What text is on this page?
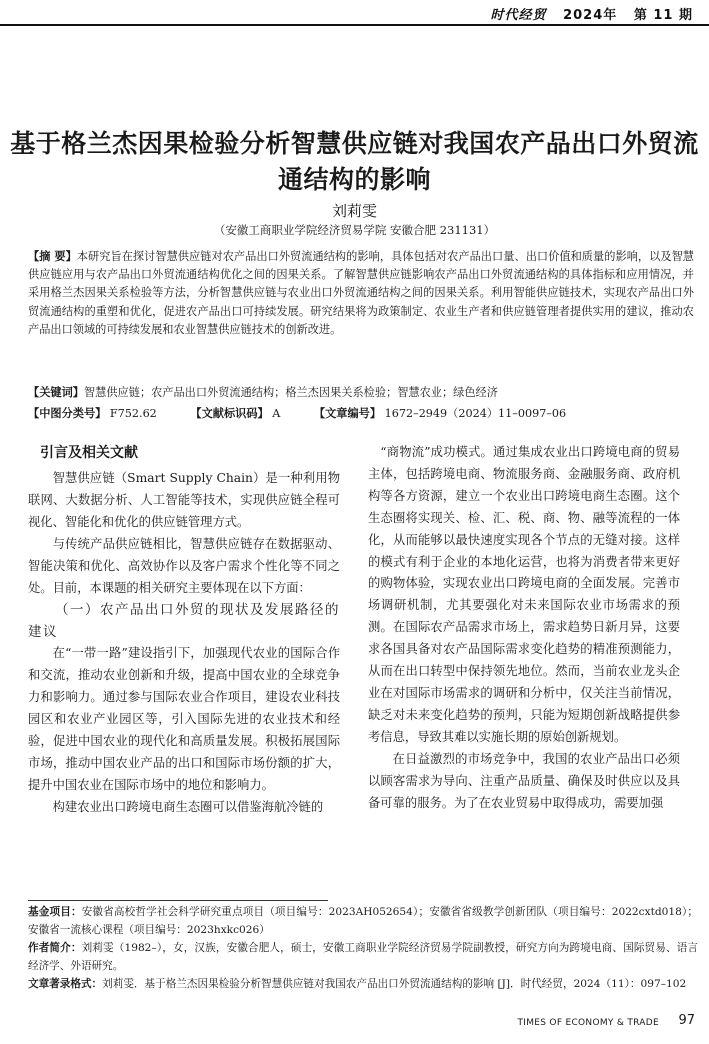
时代经贸 2024年 第 11 期
基于格兰杰因果检验分析智慧供应链对我国农产品出口外贸流通结构的影响
刘莉雯
（安徽工商职业学院经济贸易学院 安徽合肥 231131）
【摘 要】本研究旨在探讨智慧供应链对农产品出口外贸流通结构的影响，具体包括对农产品出口量、出口价值和质量的影响，以及智慧供应链应用与农产品出口外贸流通结构优化之间的因果关系。了解智慧供应链影响农产品出口外贸流通结构的具体指标和应用情况，并采用格兰杰因果关系检验等方法，分析智慧供应链与农业出口外贸流通结构之间的因果关系。利用智能供应链技术，实现农产品出口外贸流通结构的重塑和优化，促进农产品出口可持续发展。研究结果将为政策制定、农业生产者和供应链管理者提供实用的建议，推动农产品出口领域的可持续发展和农业智慧供应链技术的创新改进。
【关键词】智慧供应链；农产品出口外贸流通结构；格兰杰因果关系检验；智慧农业；绿色经济
【中图分类号】 F752.62	【文献标识码】 A	【文章编号】 1672–2949（2024）11–0097–06

引言及相关文献

智慧供应链（Smart Supply Chain）是一种利用物联网、大数据分析、人工智能等技术，实现供应链全程可视化、智能化和优化的供应链管理方式。

与传统产品供应链相比，智慧供应链存在数据驱动、智能决策和优化、高效协作以及客户需求个性化等不同之处。目前，本课题的相关研究主要体现在以下方面：

（一）农产品出口外贸的现状及发展路径的建议

在“一带一路”建设指引下，加强现代农业的国际合作和交流，推动农业创新和升级，提高中国农业的全球竞争力和影响力。通过参与国际农业合作项目，建设农业科技园区和农业产业园区等，引入国际先进的农业技术和经验，促进中国农业的现代化和高质量发展。积极拓展国际市场，推动中国农业产品的出口和国际市场份额的扩大，提升中国农业在国际市场中的地位和影响力。

构建农业出口跨境电商生态圈可以借鉴海航冷链的

“商物流”成功模式。通过集成农业出口跨境电商的贸易主体，包括跨境电商、物流服务商、金融服务商、政府机构等各方资源，建立一个农业出口跨境电商生态圈。这个生态圈将实现关、检、汇、税、商、物、融等流程的一体化，从而能够以最快速度实现各个节点的无缝对接。这样的模式有利于企业的本地化运营，也将为消费者带来更好的购物体验，实现农业出口跨境电商的全面发展。完善市场调研机制，尤其要强化对未来国际农业市场需求的预测。在国际农产品需求市场上，需求趋势日新月异，这要求各国具备对农产品国际需求变化趋势的精准预测能力，从而在出口转型中保持领先地位。然而，当前农业龙头企业在对国际市场需求的调研和分析中，仅关注当前情况，缺乏对未来变化趋势的预判，只能为短期创新战略提供参考信息，导致其难以实施长期的原始创新规划。

在日益激烈的市场竞争中，我国的农业产品出口必须以顾客需求为导向、注重产品质量、确保及时供应以及具备可靠的服务。为了在农业贸易中取得成功，需要加强

基金项目：安徽省高校哲学社会科学研究重点项目（项目编号：2023AH052654）；安徽省省级教学创新团队（项目编号：2022cxtd018）；安徽省一流核心课程（项目编号：2023hxkc026）

作者简介：刘莉雯（1982–），女，汉族，安徽合肥人，硕士，安徽工商职业学院经济贸易学院副教授，研究方向为跨境电商、国际贸易、语言经济学、外语研究。

文章著录格式：刘莉雯．基于格兰杰因果检验分析智慧供应链对我国农产品出口外贸流通结构的影响 [J]．时代经贸，2024（11）：097–102

TIMES OF ECONOMY & TRADE 97
